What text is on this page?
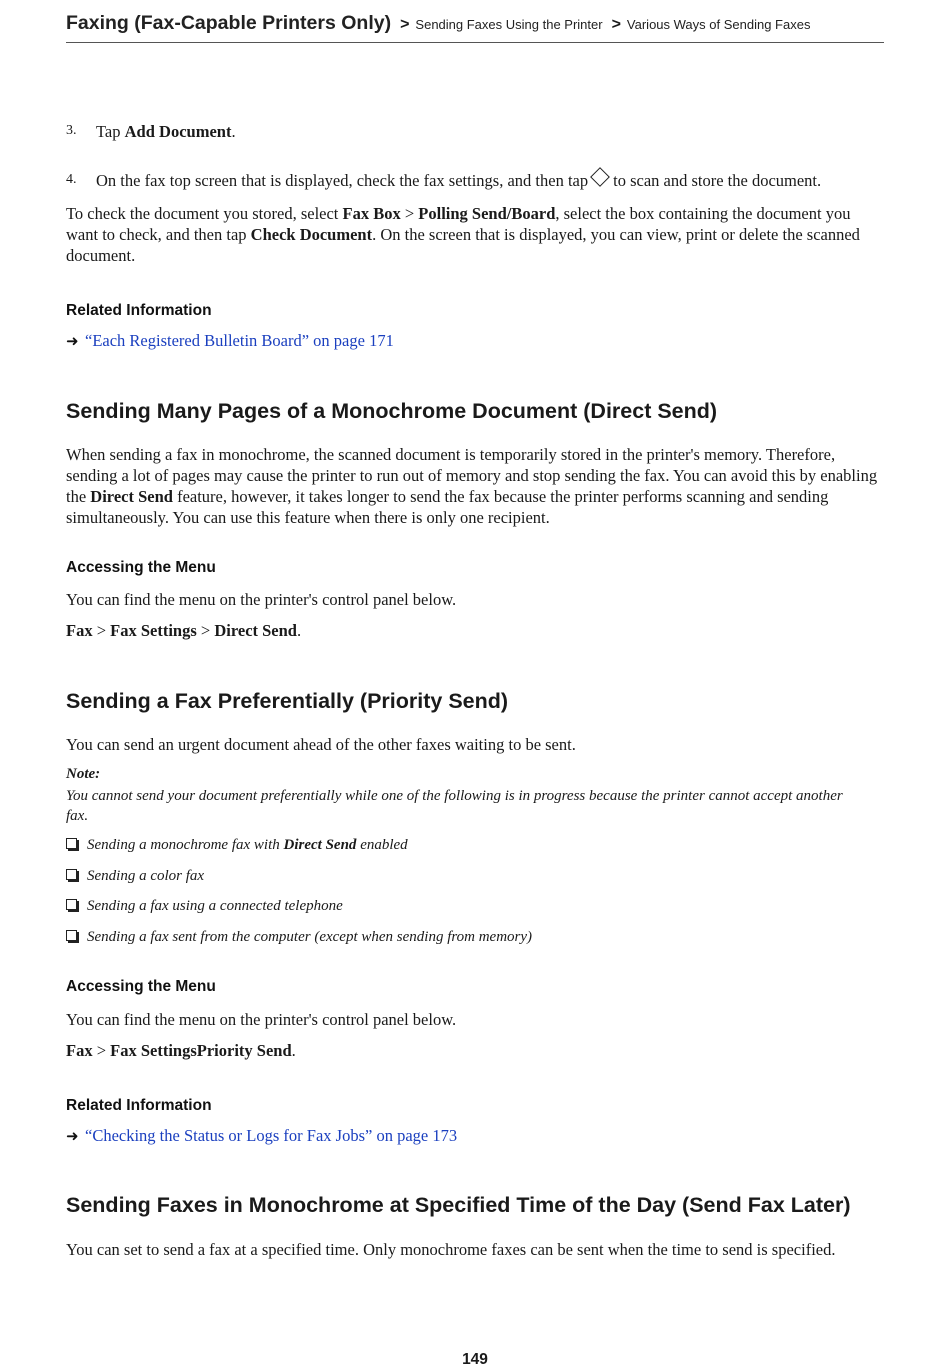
Faxing (Fax-Capable Printers Only) > Sending Faxes Using the Printer > Various Ways of Sending Faxes
3. Tap Add Document.
4. On the fax top screen that is displayed, check the fax settings, and then tap to scan and store the document.
To check the document you stored, select Fax Box > Polling Send/Board, select the box containing the document you want to check, and then tap Check Document. On the screen that is displayed, you can view, print or delete the scanned document.
Related Information
➜ “Each Registered Bulletin Board” on page 171
Sending Many Pages of a Monochrome Document (Direct Send)
When sending a fax in monochrome, the scanned document is temporarily stored in the printer's memory. Therefore, sending a lot of pages may cause the printer to run out of memory and stop sending the fax. You can avoid this by enabling the Direct Send feature, however, it takes longer to send the fax because the printer performs scanning and sending simultaneously. You can use this feature when there is only one recipient.
Accessing the Menu
You can find the menu on the printer's control panel below.
Fax > Fax Settings > Direct Send.
Sending a Fax Preferentially (Priority Send)
You can send an urgent document ahead of the other faxes waiting to be sent.
Note:
You cannot send your document preferentially while one of the following is in progress because the printer cannot accept another fax.
Sending a monochrome fax with Direct Send enabled
Sending a color fax
Sending a fax using a connected telephone
Sending a fax sent from the computer (except when sending from memory)
Accessing the Menu
You can find the menu on the printer's control panel below.
Fax > Fax SettingsPriority Send.
Related Information
➜ “Checking the Status or Logs for Fax Jobs” on page 173
Sending Faxes in Monochrome at Specified Time of the Day (Send Fax Later)
You can set to send a fax at a specified time. Only monochrome faxes can be sent when the time to send is specified.
149
